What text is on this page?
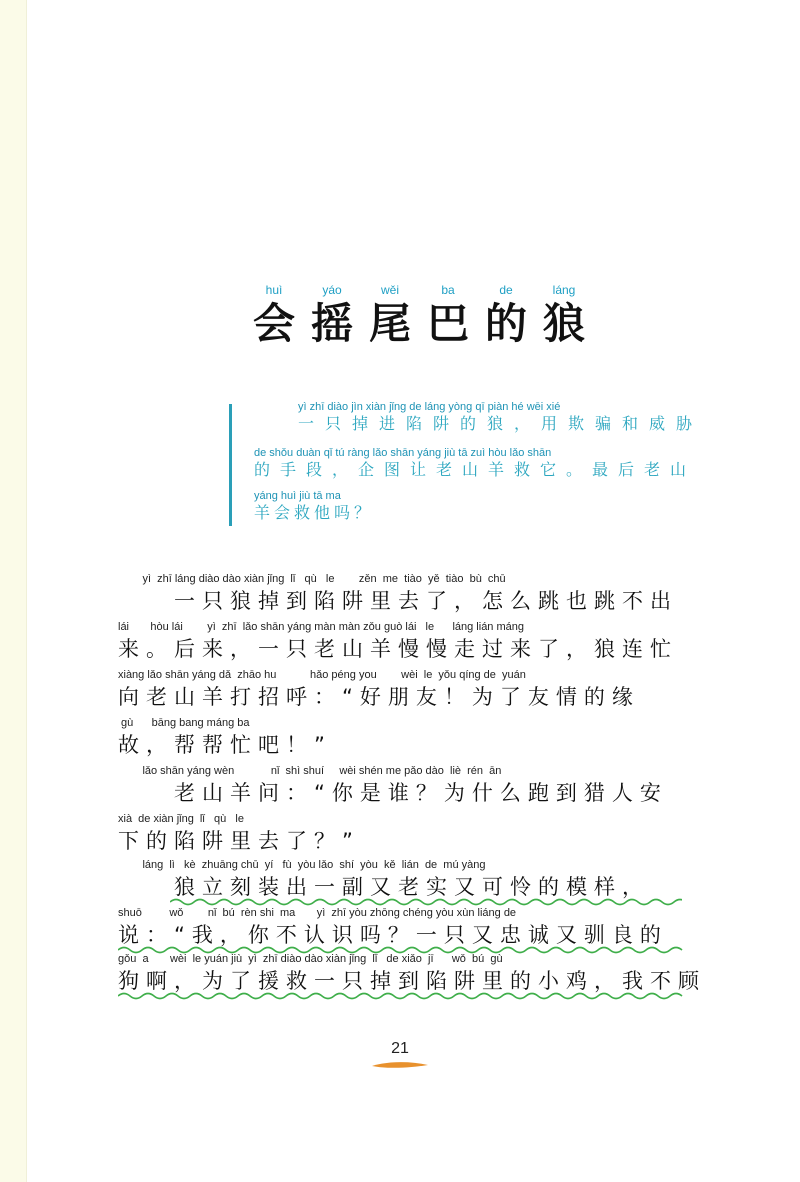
huì
会
yáo
摇
wěi
尾
ba
巴
de
的
láng
狼
yì zhī diào jìn xiàn jǐng de láng yòng qī piàn hé wēi xié
一只掉进陷阱的狼，用欺骗和威胁
de shǒu duàn qǐ tú ràng lǎo shān yáng jiù tā zuì hòu lǎo shān
的手段，企图让老山羊救它。最后老山
yáng huì jiù tā ma
羊会救他吗？
yì  zhī láng diào dào xiàn jǐng  lǐ   qù   le        zěn  me  tiào  yě  tiào  bù  chū
　　一只狼掉到陷阱里去了，怎么跳也跳不出
lái       hòu lái        yì  zhī  lǎo shān yáng màn màn zǒu guò lái   le      láng lián máng
来。后来，一只老山羊慢慢走过来了，狼连忙
xiàng lǎo shān yáng dǎ  zhāo hu           hǎo péng you        wèi  le  yǒu qíng de  yuán
向老山羊打招呼：“好朋友！为了友情的缘
gù      bāng bang máng ba
故，帮帮忙吧！”
lǎo shān yáng wèn            nǐ  shì shuí     wèi shén me pǎo dào  liè  rén  ān
　　老山羊问：“你是谁？为什么跑到猎人安
xià  de xiàn jǐng  lǐ   qù   le
下的陷阱里去了？”
láng  lì   kè  zhuāng chū  yí   fù  yòu lǎo  shí  yòu  kě  lián  de  mú yàng
　　狼立刻装出一副又老实又可怜的模样，
shuō         wǒ        nǐ  bú  rèn shi  ma       yì  zhī yòu zhōng chéng yòu xùn liáng de
说：“我，你不认识吗？一只又忠诚又驯良的
gǒu  a       wèi  le yuán jiù  yì  zhī diào dào xiàn jǐng  lǐ   de xiǎo  jī      wǒ  bú  gù
狗啊，为了援救一只掉到陷阱里的小鸡，我不顾
21
